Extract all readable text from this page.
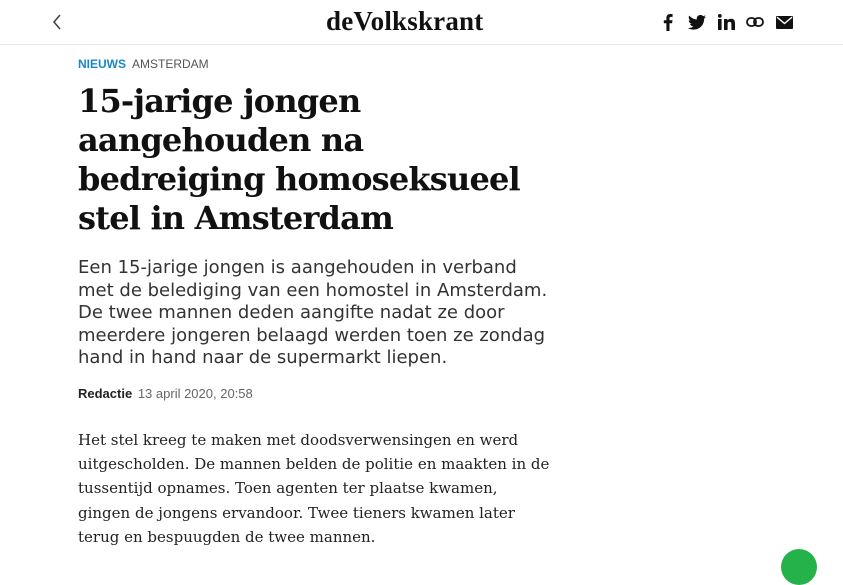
deVolkskrant
NIEUWS AMSTERDAM
15-jarige jongen aangehouden na bedreiging homoseksueel stel in Amsterdam
Een 15-jarige jongen is aangehouden in verband met de belediging van een homostel in Amsterdam. De twee mannen deden aangifte nadat ze door meerdere jongeren belaagd werden toen ze zondag hand in hand naar de supermarkt liepen.
Redactie 13 april 2020, 20:58
Het stel kreeg te maken met doodsverwensingen en werd uitgescholden. De mannen belden de politie en maakten in de tussentijd opnames. Toen agenten ter plaatse kwamen, gingen de jongens ervandoor. Twee tieners kwamen later terug en bespuugden de twee mannen.
